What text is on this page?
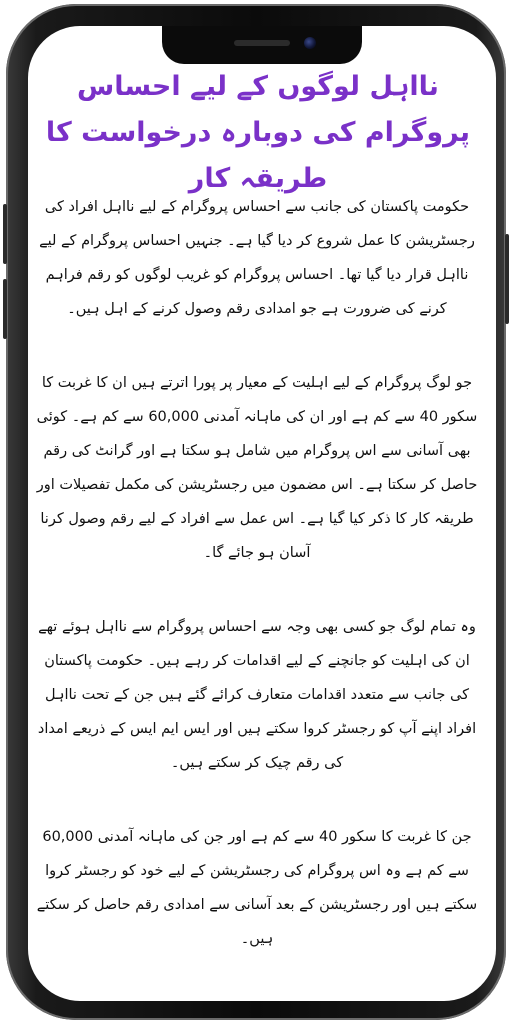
نااہل لوگوں کے لیے احساس پروگرام کی دوبارہ درخواست کا طریقہ کار

حکومت پاکستان کی جانب سے احساس پروگرام کے لیے نااہل افراد کی رجسٹریشن کا عمل شروع کر دیا گیا ہے۔ جنہیں احساس پروگرام کے لیے نااہل قرار دیا گیا تھا۔ احساس پروگرام کو غریب لوگوں کو رقم فراہم کرنے کی ضرورت ہے جو امدادی رقم وصول کرنے کے اہل ہیں۔

جو لوگ پروگرام کے لیے اہلیت کے معیار پر پورا اترتے ہیں ان کا غربت کا سکور 40 سے کم ہے اور ان کی ماہانہ آمدنی 60,000 سے کم ہے۔ کوئی بھی آسانی سے اس پروگرام میں شامل ہو سکتا ہے اور گرانٹ کی رقم حاصل کر سکتا ہے۔ اس مضمون میں رجسٹریشن کی مکمل تفصیلات اور طریقہ کار کا ذکر کیا گیا ہے۔ اس عمل سے افراد کے لیے رقم وصول کرنا آسان ہو جائے گا۔

وہ تمام لوگ جو کسی بھی وجہ سے احساس پروگرام سے نااہل ہوئے تھے ان کی اہلیت کو جانچنے کے لیے اقدامات کر رہے ہیں۔ حکومت پاکستان کی جانب سے متعدد اقدامات متعارف کرائے گئے ہیں جن کے تحت نااہل افراد اپنے آپ کو رجسٹر کروا سکتے ہیں اور ایس ایم ایس کے ذریعے امداد کی رقم چیک کر سکتے ہیں۔

جن کا غربت کا سکور 40 سے کم ہے اور جن کی ماہانہ آمدنی 60,000 سے کم ہے وہ اس پروگرام کی رجسٹریشن کے لیے خود کو رجسٹر کروا سکتے ہیں اور رجسٹریشن کے بعد آسانی سے امدادی رقم حاصل کر سکتے ہیں۔
